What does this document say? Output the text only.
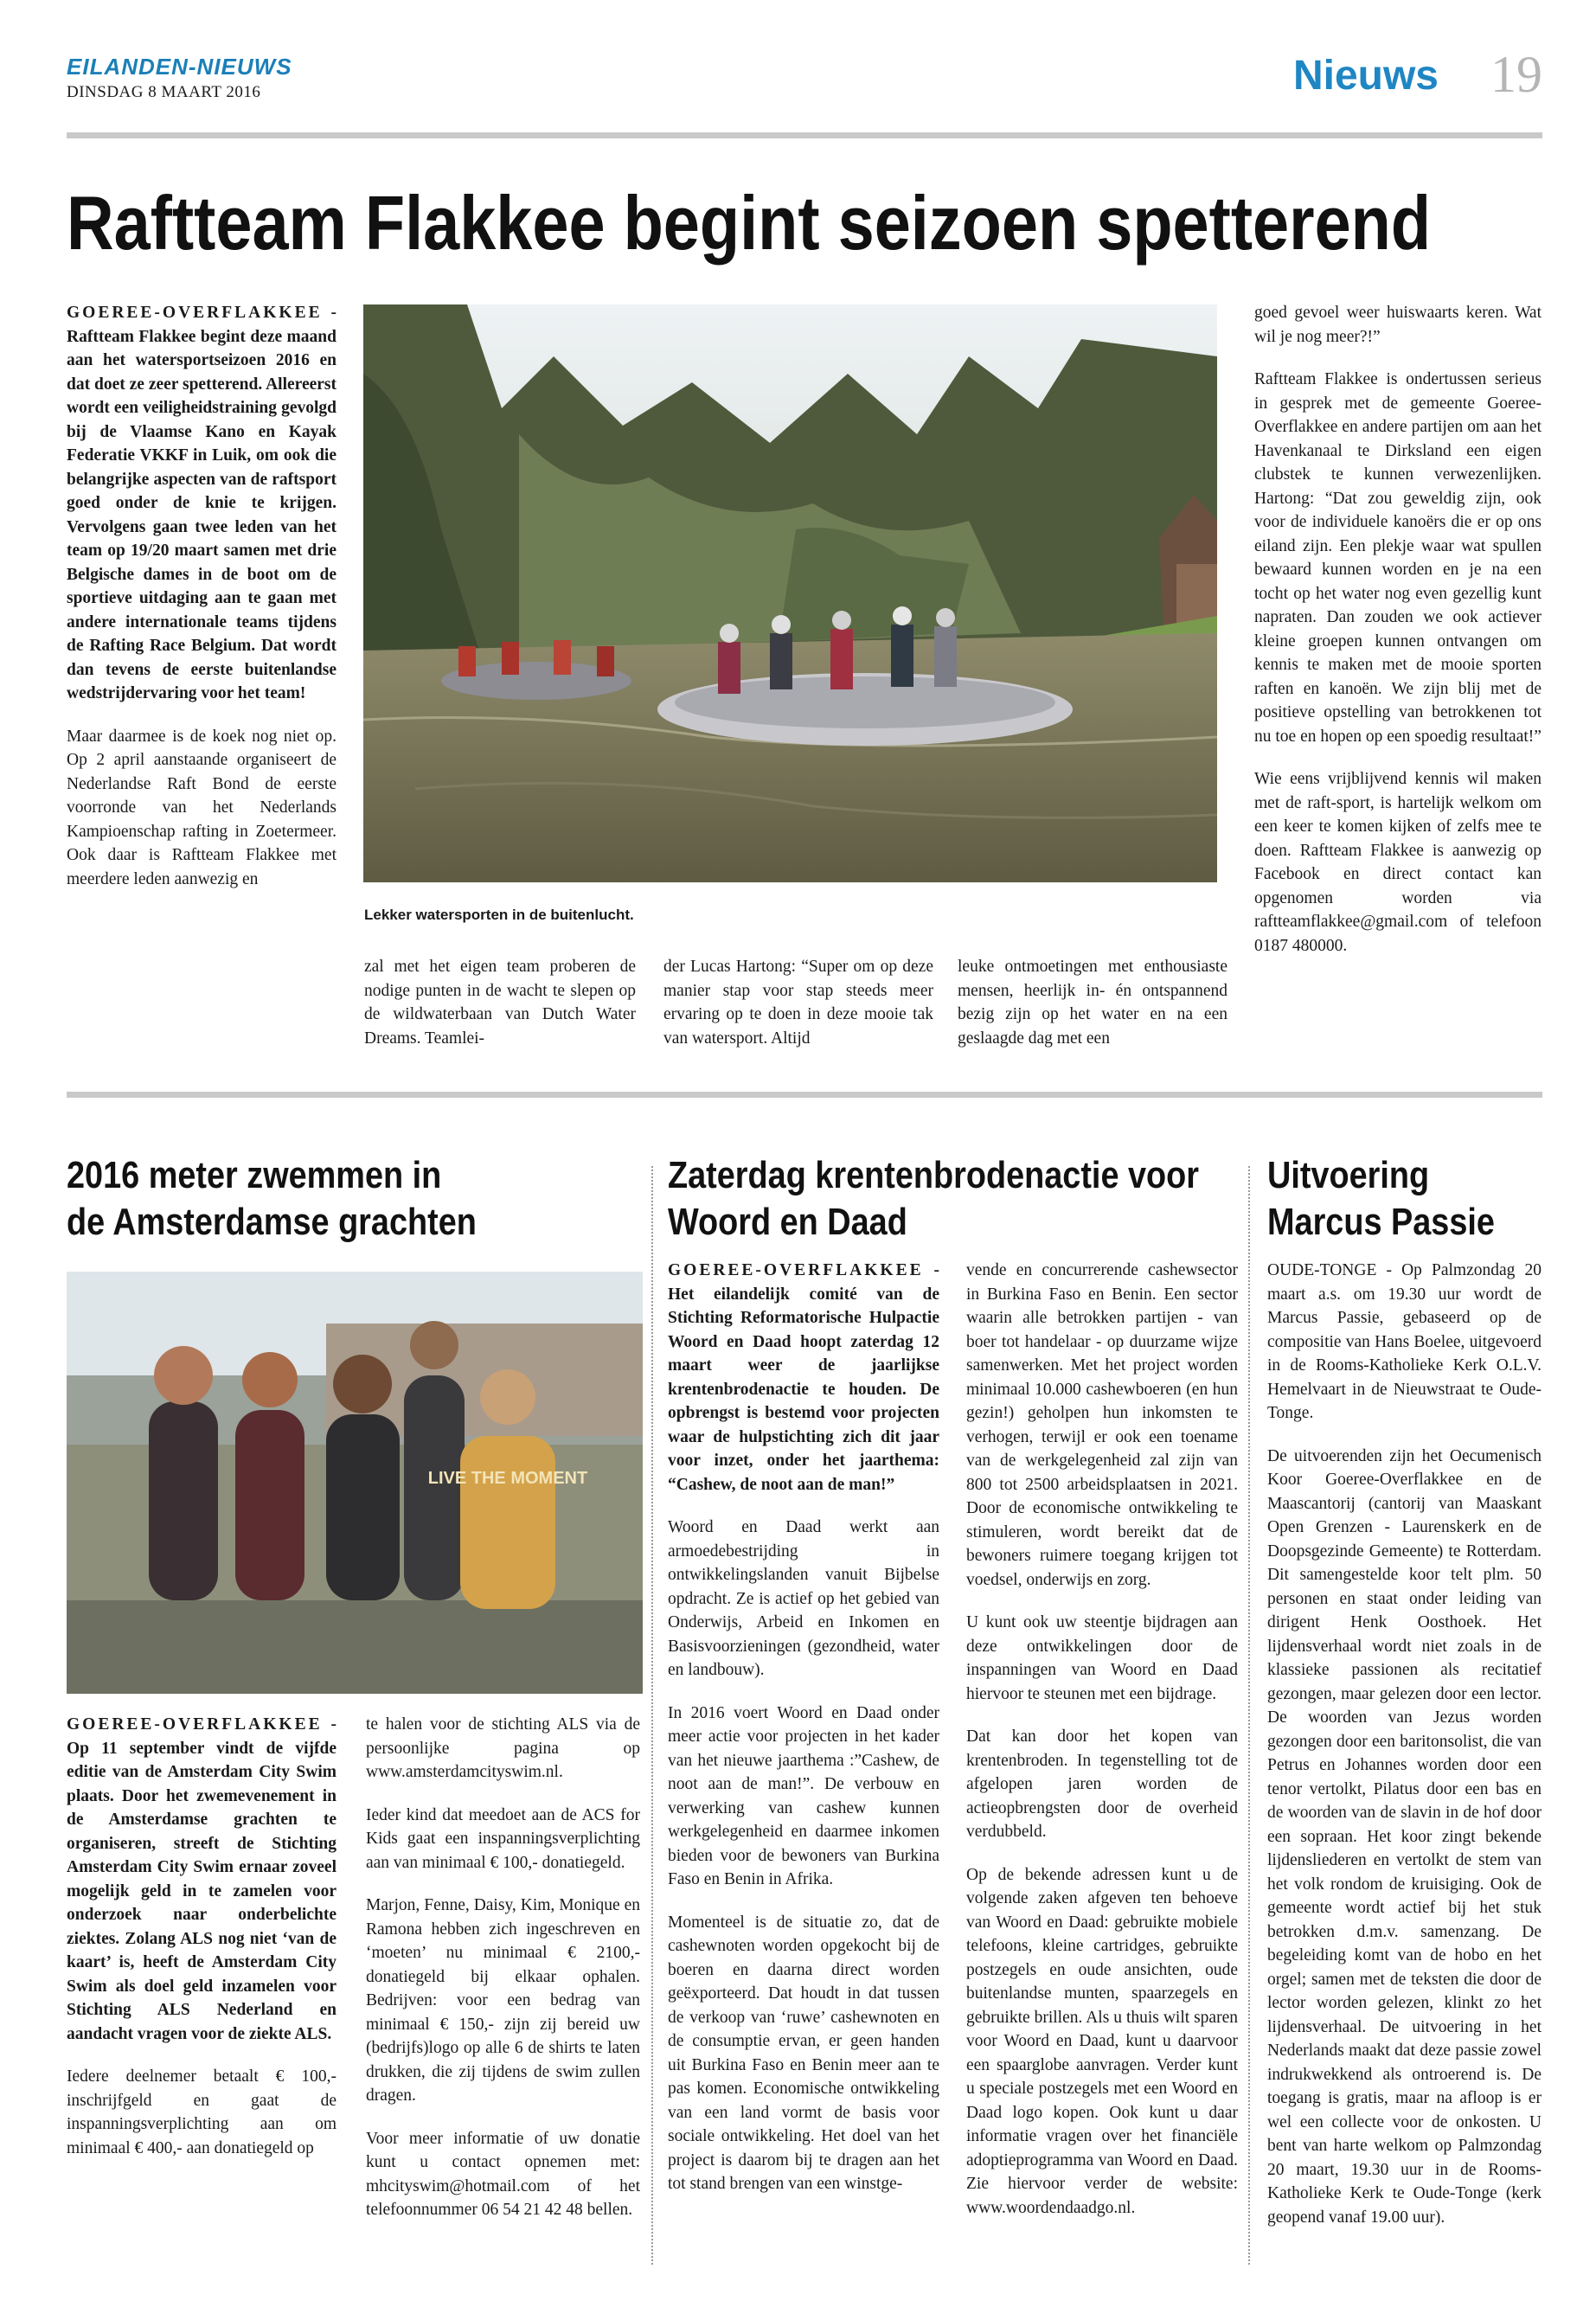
EILANDEN-NIEUWS
DINSDAG 8 MAART 2016	Nieuws 19
Raftteam Flakkee begint seizoen spetterend

GOEREE-OVERFLAKKEE - Raftteam Flakkee begint deze maand aan het watersportseizoen 2016 en dat doet ze zeer spetterend. Allereerst wordt een veiligheidstraining gevolgd bij de Vlaamse Kano en Kayak Federatie VKKF in Luik, om ook die belangrijke aspecten van de raftsport goed onder de knie te krijgen. Vervolgens gaan twee leden van het team op 19/20 maart samen met drie Belgische dames in de boot om de sportieve uitdaging aan te gaan met andere internationale teams tijdens de Rafting Race Belgium. Dat wordt dan tevens de eerste buitenlandse wedstrijdervaring voor het team!

Maar daarmee is de koek nog niet op. Op 2 april aanstaande organiseert de Nederlandse Raft Bond de eerste voorronde van het Nederlands Kampioenschap rafting in Zoetermeer. Ook daar is Raftteam Flakkee met meerdere leden aanwezig en

Lekker watersporten in de buitenlucht.

zal met het eigen team proberen de nodige punten in de wacht te slepen op de wildwaterbaan van Dutch Water Dreams. Teamlei-

der Lucas Hartong: “Super om op deze manier stap voor stap steeds meer ervaring op te doen in deze mooie tak van watersport. Altijd

leuke ontmoetingen met enthousiaste mensen, heerlijk in- én ontspannend bezig zijn op het water en na een geslaagde dag met een

goed gevoel weer huiswaarts keren. Wat wil je nog meer?!”

Raftteam Flakkee is ondertussen serieus in gesprek met de gemeente Goeree-Overflakkee en andere partijen om aan het Havenkanaal te Dirksland een eigen clubstek te kunnen verwezenlijken. Hartong: “Dat zou geweldig zijn, ook voor de individuele kanoërs die er op ons eiland zijn. Een plekje waar wat spullen bewaard kunnen worden en je na een tocht op het water nog even gezellig kunt napraten. Dan zouden we ook actiever kleine groepen kunnen ontvangen om kennis te maken met de mooie sporten raften en kanoën. We zijn blij met de positieve opstelling van betrokkenen tot nu toe en hopen op een spoedig resultaat!”

Wie eens vrijblijvend kennis wil maken met de raft-sport, is hartelijk welkom om een keer te komen kijken of zelfs mee te doen. Raftteam Flakkee is aanwezig op Facebook en direct contact kan opgenomen worden via raftteamflakkee@gmail.com of telefoon 0187 480000.

2016 meter zwemmen in
de Amsterdamse grachten
LIVE THE MOMENT

GOEREE-OVERFLAKKEE - Op 11 september vindt de vijfde editie van de Amsterdam City Swim plaats. Door het zwemevenement in de Amsterdamse grachten te organiseren, streeft de Stichting Amsterdam City Swim ernaar zoveel mogelijk geld in te zamelen voor onderzoek naar onderbelichte ziektes. Zolang ALS nog niet ‘van de kaart’ is, heeft de Amsterdam City Swim als doel geld inzamelen voor Stichting ALS Nederland en aandacht vragen voor de ziekte ALS.

Iedere deelnemer betaalt € 100,- inschrijfgeld en gaat de inspanningsverplichting aan om minimaal € 400,- aan donatiegeld op

te halen voor de stichting ALS via de persoonlijke pagina op www.amsterdamcityswim.nl.

Ieder kind dat meedoet aan de ACS for Kids gaat een inspanningsverplichting aan van minimaal € 100,- donatiegeld.

Marjon, Fenne, Daisy, Kim, Monique en Ramona hebben zich ingeschreven en ‘moeten’ nu minimaal € 2100,- donatiegeld bij elkaar ophalen. Bedrijven: voor een bedrag van minimaal € 150,- zijn zij bereid uw (bedrijfs)logo op alle 6 de shirts te laten drukken, die zij tijdens de swim zullen dragen.

Voor meer informatie of uw donatie kunt u contact opnemen met: mhcityswim@hotmail.com of het telefoonnummer 06 54 21 42 48 bellen.

Zaterdag krentenbrodenactie voor
Woord en Daad

GOEREE-OVERFLAKKEE - Het eilandelijk comité van de Stichting Reformatorische Hulpactie Woord en Daad hoopt zaterdag 12 maart weer de jaarlijkse krentenbrodenactie te houden. De opbrengst is bestemd voor projecten waar de hulpstichting zich dit jaar voor inzet, onder het jaarthema: “Cashew, de noot aan de man!”

Woord en Daad werkt aan armoedebestrijding in ontwikkelingslanden vanuit Bijbelse opdracht. Ze is actief op het gebied van Onderwijs, Arbeid en Inkomen en Basisvoorzieningen (gezondheid, water en landbouw).

In 2016 voert Woord en Daad onder meer actie voor projecten in het kader van het nieuwe jaarthema :”Cashew, de noot aan de man!”. De verbouw en verwerking van cashew kunnen werkgelegenheid en daarmee inkomen bieden voor de bewoners van Burkina Faso en Benin in Afrika.

Momenteel is de situatie zo, dat de cashewnoten worden opgekocht bij de boeren en daarna direct worden geëxporteerd. Dat houdt in dat tussen de verkoop van ‘ruwe’ cashewnoten en de consumptie ervan, er geen handen uit Burkina Faso en Benin meer aan te pas komen. Economische ontwikkeling van een land vormt de basis voor sociale ontwikkeling. Het doel van het project is daarom bij te dragen aan het tot stand brengen van een winstge-

vende en concurrerende cashewsector in Burkina Faso en Benin. Een sector waarin alle betrokken partijen - van boer tot handelaar - op duurzame wijze samenwerken. Met het project worden minimaal 10.000 cashewboeren (en hun gezin!) geholpen hun inkomsten te verhogen, terwijl er ook een toename van de werkgelegenheid zal zijn van 800 tot 2500 arbeidsplaatsen in 2021. Door de economische ontwikkeling te stimuleren, wordt bereikt dat de bewoners ruimere toegang krijgen tot voedsel, onderwijs en zorg.

U kunt ook uw steentje bijdragen aan deze ontwikkelingen door de inspanningen van Woord en Daad hiervoor te steunen met een bijdrage.

Dat kan door het kopen van krentenbroden. In tegenstelling tot de afgelopen jaren worden de actieopbrengsten door de overheid verdubbeld.

Op de bekende adressen kunt u de volgende zaken afgeven ten behoeve van Woord en Daad: gebruikte mobiele telefoons, kleine cartridges, gebruikte postzegels en oude ansichten, oude buitenlandse munten, spaarzegels en gebruikte brillen. Als u thuis wilt sparen voor Woord en Daad, kunt u daarvoor een spaarglobe aanvragen. Verder kunt u speciale postzegels met een Woord en Daad logo kopen. Ook kunt u daar informatie vragen over het financiële adoptieprogramma van Woord en Daad. Zie hiervoor verder de website: www.woordendaadgo.nl.

Uitvoering
Marcus Passie

OUDE-TONGE - Op Palmzondag 20 maart a.s. om 19.30 uur wordt de Marcus Passie, gebaseerd op de compositie van Hans Boelee, uitgevoerd in de Rooms-Katholieke Kerk O.L.V. Hemelvaart in de Nieuwstraat te Oude-Tonge.

De uitvoerenden zijn het Oecumenisch Koor Goeree-Overflakkee en de Maascantorij (cantorij van Maaskant Open Grenzen - Laurenskerk en de Doopsgezinde Gemeente) te Rotterdam. Dit samengestelde koor telt plm. 50 personen en staat onder leiding van dirigent Henk Oosthoek. Het lijdensverhaal wordt niet zoals in de klassieke passionen als recitatief gezongen, maar gelezen door een lector. De woorden van Jezus worden gezongen door een baritonsolist, die van Petrus en Johannes worden door een tenor vertolkt, Pilatus door een bas en de woorden van de slavin in de hof door een sopraan. Het koor zingt bekende lijdensliederen en vertolkt de stem van het volk rondom de kruisiging. Ook de gemeente wordt actief bij het stuk betrokken d.m.v. samenzang. De begeleiding komt van de hobo en het orgel; samen met de teksten die door de lector worden gelezen, klinkt zo het lijdensverhaal. De uitvoering in het Nederlands maakt dat deze passie zowel indrukwekkend als ontroerend is. De toegang is gratis, maar na afloop is er wel een collecte voor de onkosten. U bent van harte welkom op Palmzondag 20 maart, 19.30 uur in de Rooms-Katholieke Kerk te Oude-Tonge (kerk geopend vanaf 19.00 uur).
